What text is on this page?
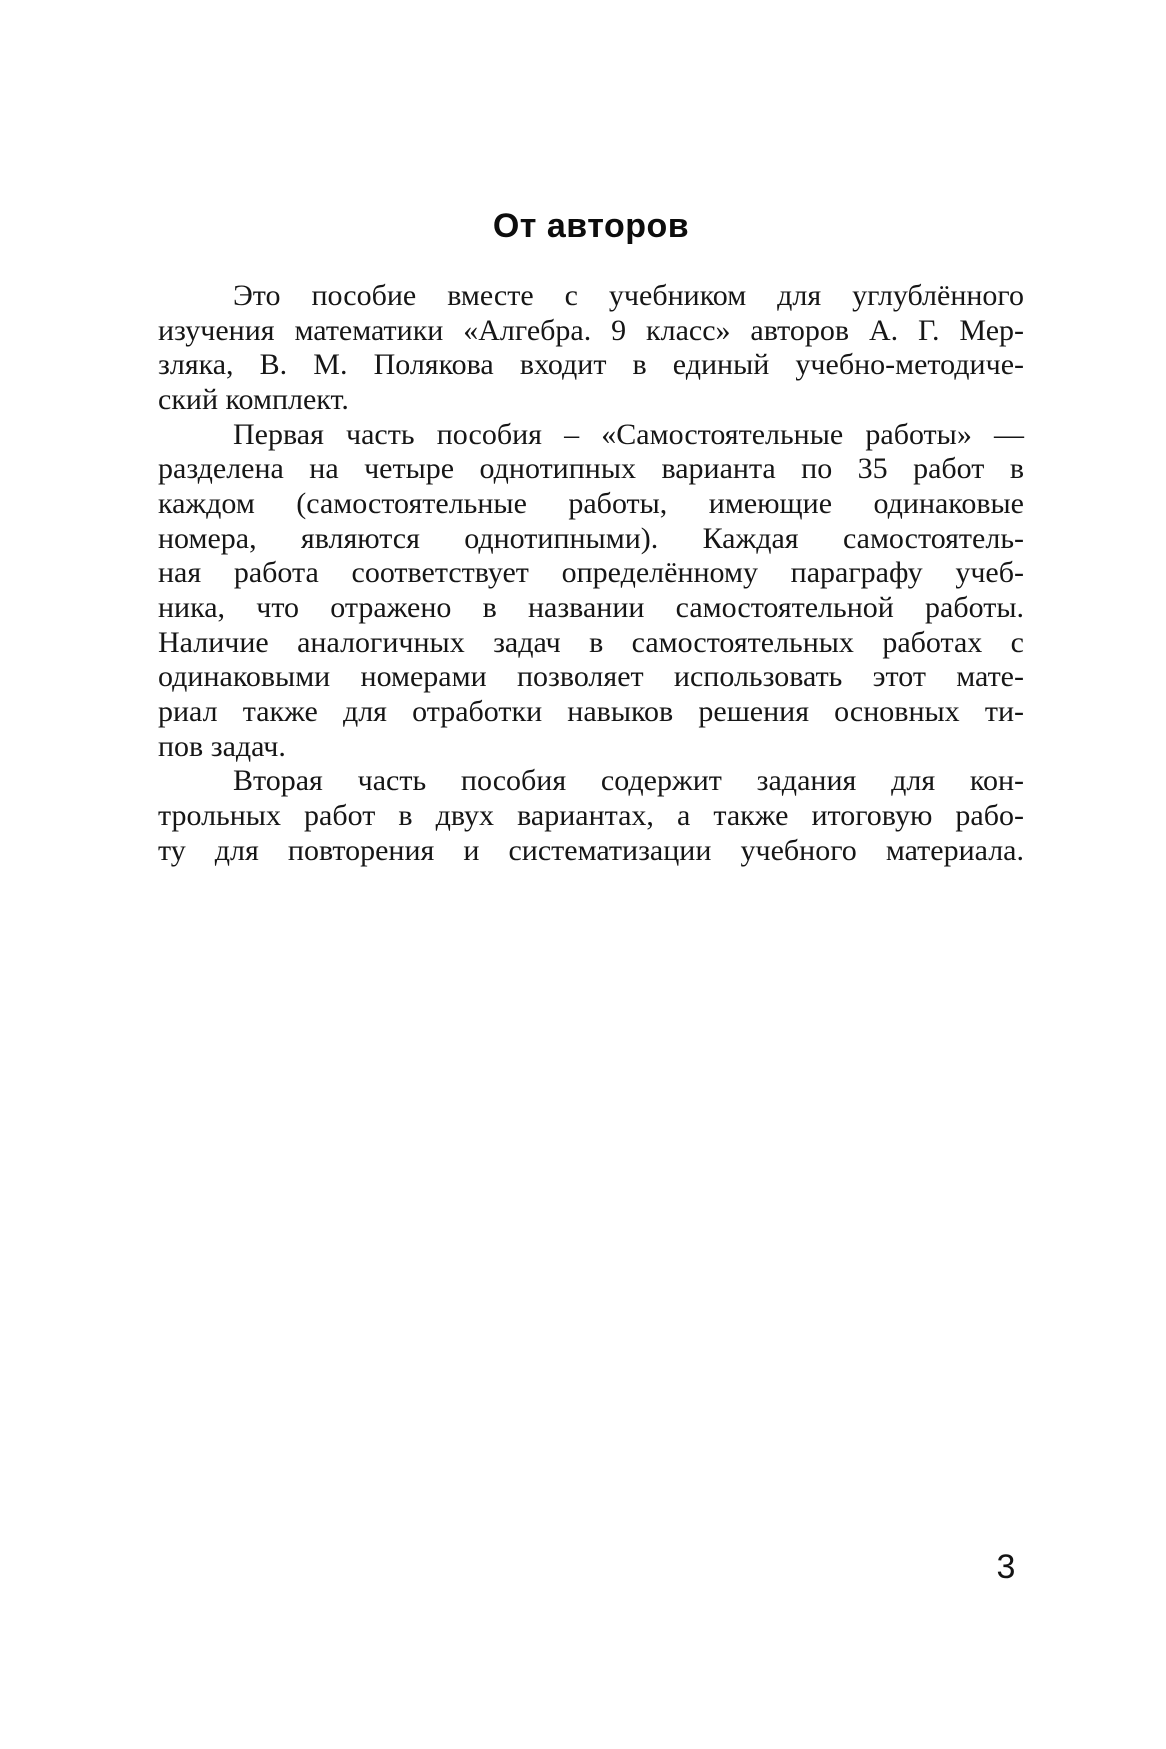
От авторов
Это пособие вместе с учебником для углублённого
изучения математики «Алгебра. 9 класс» авторов А. Г. Мер-
зляка, В. М. Полякова входит в единый учебно-методиче-
ский комплект.
Первая часть пособия – «Самостоятельные работы» —
разделена на четыре однотипных варианта по 35 работ в
каждом (самостоятельные работы, имеющие одинаковые
номера, являются однотипными). Каждая самостоятель-
ная работа соответствует определённому параграфу учеб-
ника, что отражено в названии самостоятельной работы.
Наличие аналогичных задач в самостоятельных работах с
одинаковыми номерами позволяет использовать этот мате-
риал также для отработки навыков решения основных ти-
пов задач.
Вторая часть пособия содержит задания для кон-
трольных работ в двух вариантах, а также итоговую рабо-
ту для повторения и систематизации учебного материала.
3
